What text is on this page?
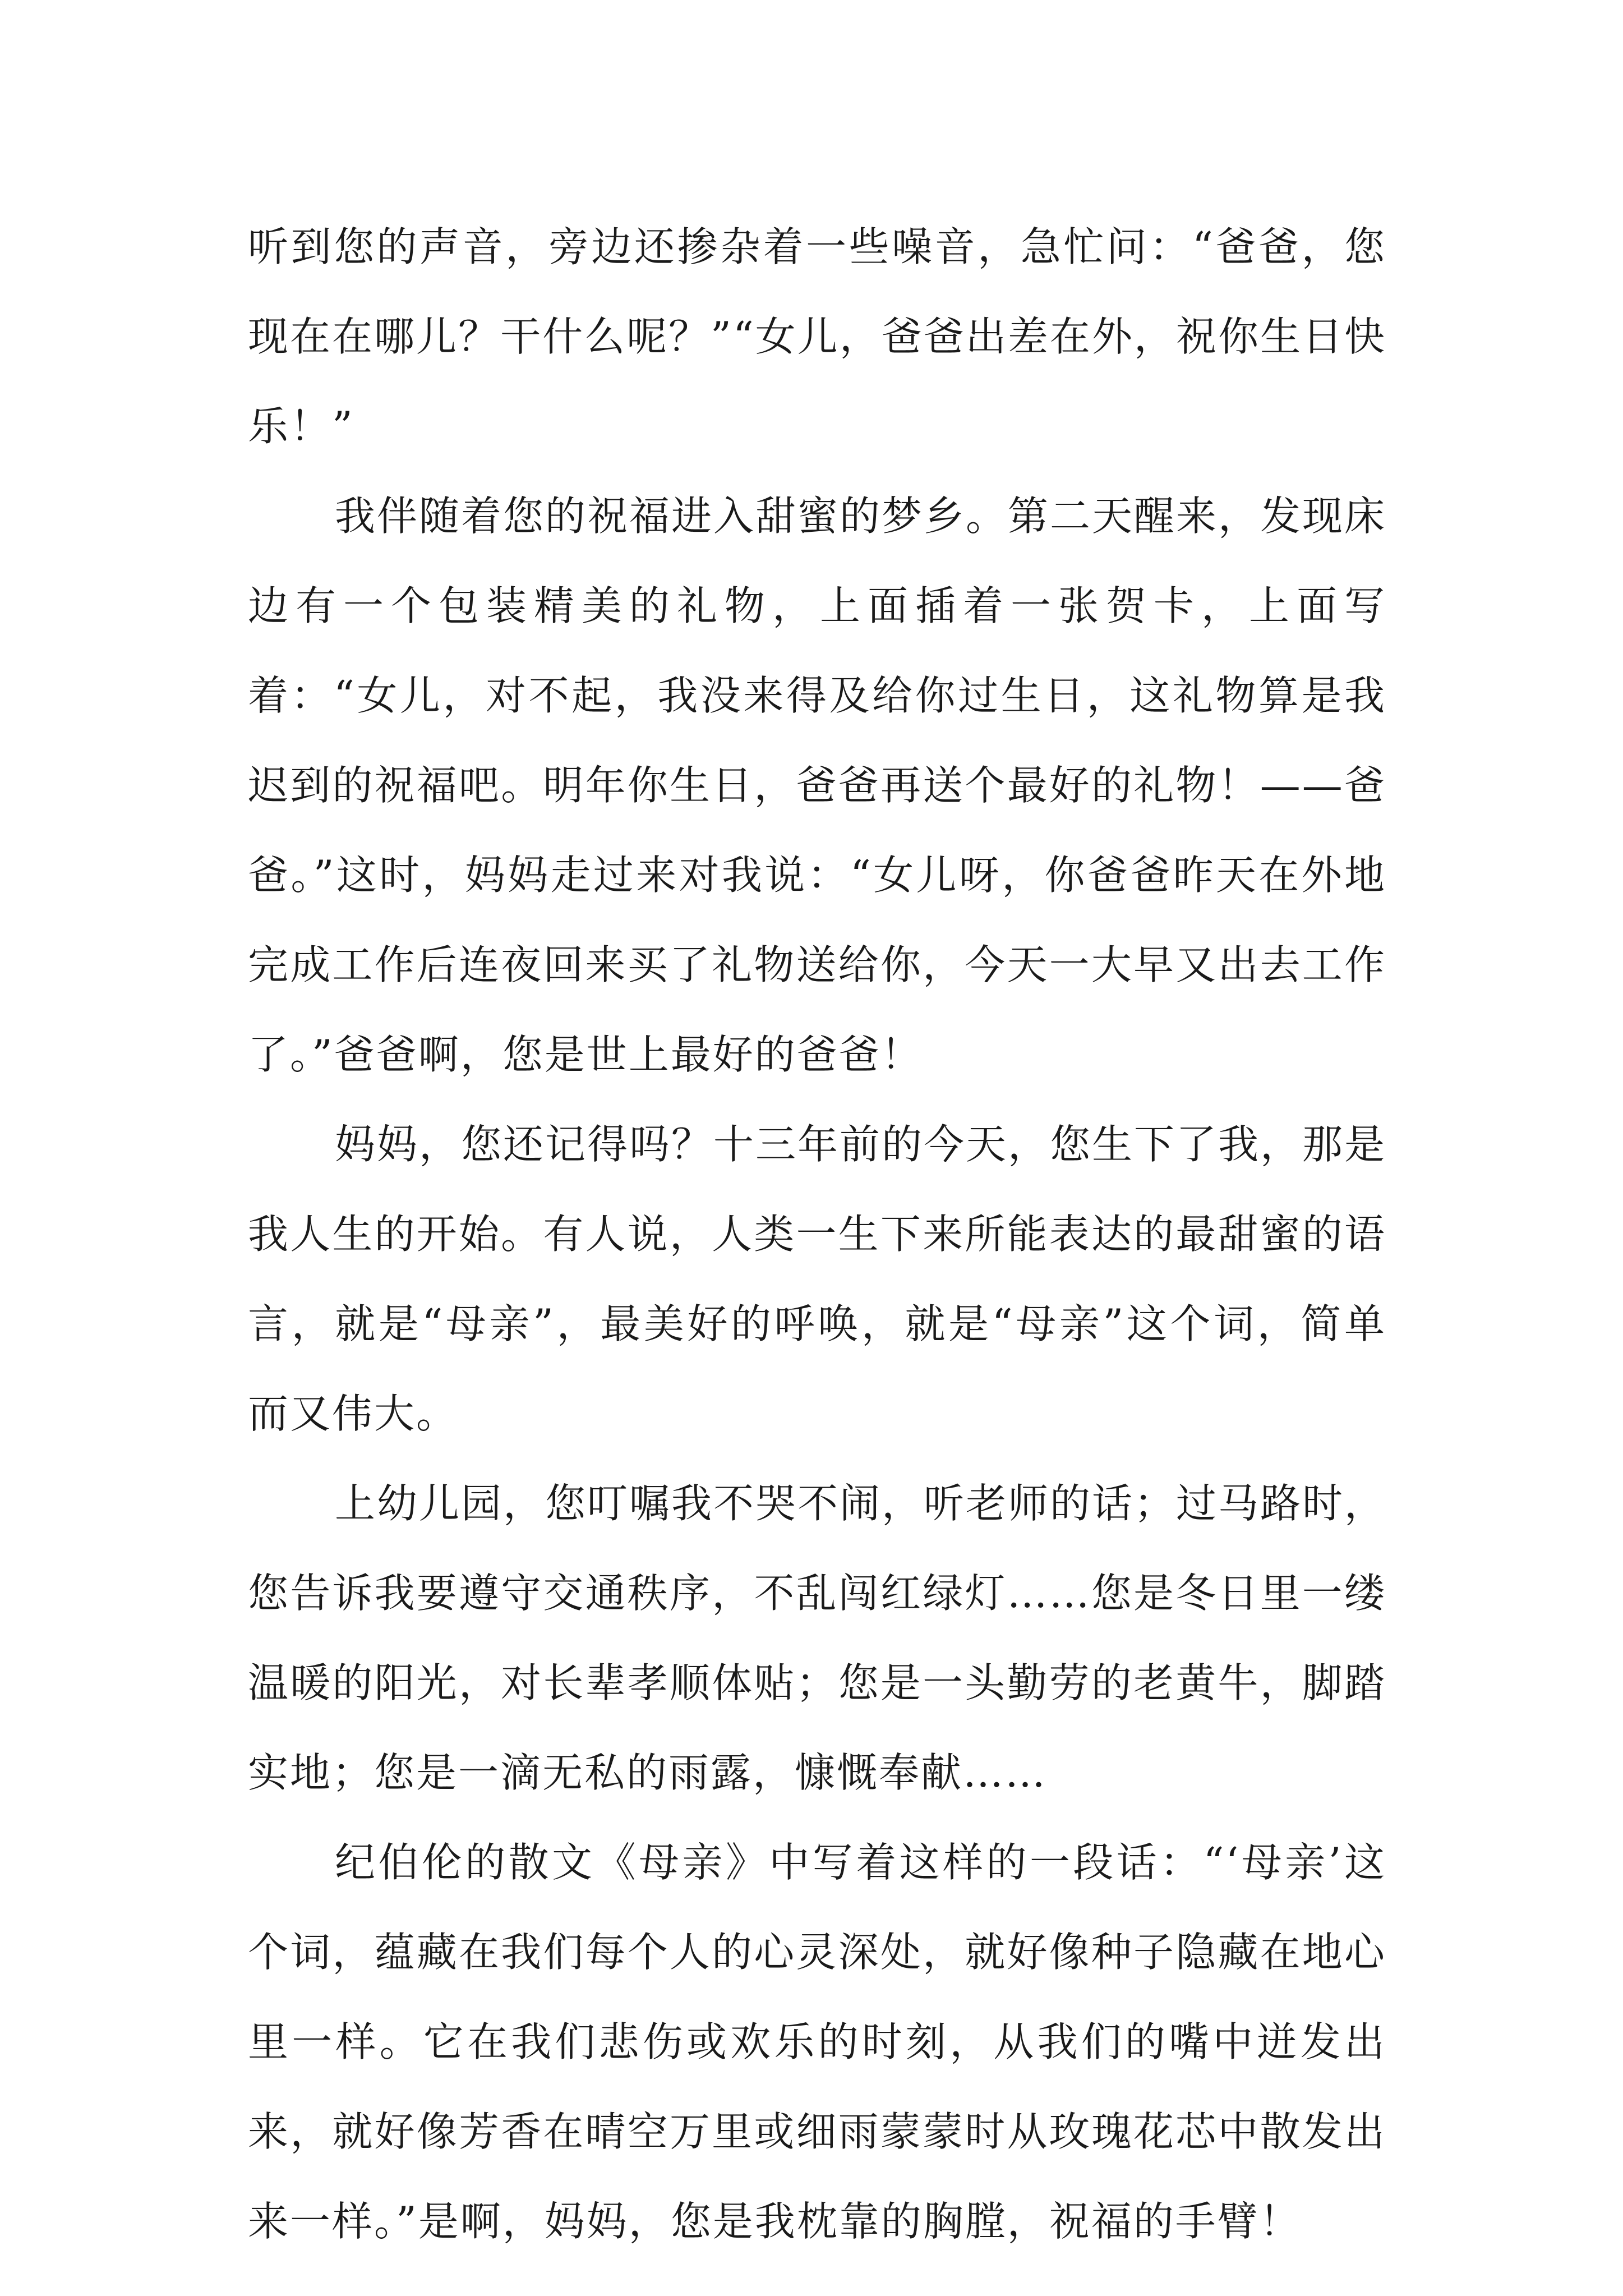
听到您的声音，旁边还掺杂着一些噪音，急忙问：“爸爸，您现在在哪儿？干什么呢？”“女儿，爸爸出差在外，祝你生日快乐！”

我伴随着您的祝福进入甜蜜的梦乡。第二天醒来，发现床边有一个包装精美的礼物，上面插着一张贺卡，上面写着：“女儿，对不起，我没来得及给你过生日，这礼物算是我迟到的祝福吧。明年你生日，爸爸再送个最好的礼物！——爸爸。”这时，妈妈走过来对我说：“女儿呀，你爸爸昨天在外地完成工作后连夜回来买了礼物送给你，今天一大早又出去工作了。”爸爸啊，您是世上最好的爸爸！

妈妈，您还记得吗？十三年前的今天，您生下了我，那是我人生的开始。有人说，人类一生下来所能表达的最甜蜜的语言，就是“母亲”，最美好的呼唤，就是“母亲”这个词，简单而又伟大。

上幼儿园，您叮嘱我不哭不闹，听老师的话；过马路时，您告诉我要遵守交通秩序，不乱闯红绿灯……您是冬日里一缕温暖的阳光，对长辈孝顺体贴；您是一头勤劳的老黄牛，脚踏实地；您是一滴无私的雨露，慷慨奉献……

纪伯伦的散文《母亲》中写着这样的一段话：“‘母亲’这个词，蕴藏在我们每个人的心灵深处，就好像种子隐藏在地心里一样。它在我们悲伤或欢乐的时刻，从我们的嘴中迸发出来，就好像芳香在晴空万里或细雨蒙蒙时从玫瑰花芯中散发出来一样。”是啊，妈妈，您是我枕靠的胸膛，祝福的手臂！
